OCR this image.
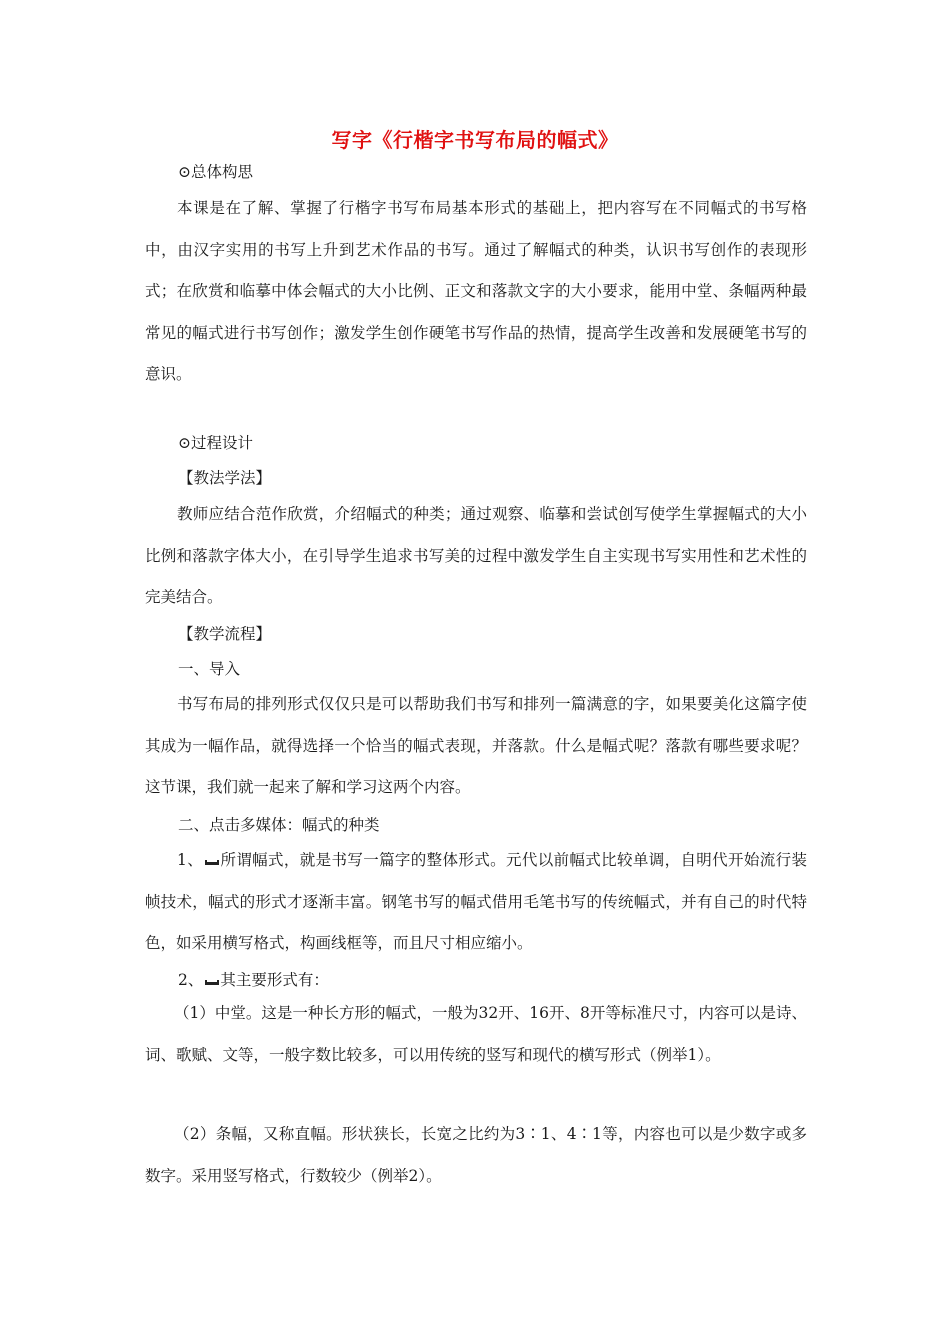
写字《行楷字书写布局的幅式》
⊙总体构思

本课是在了解、掌握了行楷字书写布局基本形式的基础上，把内容写在不同幅式的书写格中，由汉字实用的书写上升到艺术作品的书写。通过了解幅式的种类，认识书写创作的表现形式；在欣赏和临摹中体会幅式的大小比例、正文和落款文字的大小要求，能用中堂、条幅两种最常见的幅式进行书写创作；激发学生创作硬笔书写作品的热情，提高学生改善和发展硬笔书写的意识。

⊙过程设计
【教法学法】

教师应结合范作欣赏，介绍幅式的种类；通过观察、临摹和尝试创写使学生掌握幅式的大小比例和落款字体大小，在引导学生追求书写美的过程中激发学生自主实现书写实用性和艺术性的完美结合。

【教学流程】
一、导入

书写布局的排列形式仅仅只是可以帮助我们书写和排列一篇满意的字，如果要美化这篇字使其成为一幅作品，就得选择一个恰当的幅式表现，并落款。什么是幅式呢？落款有哪些要求呢？这节课，我们就一起来了解和学习这两个内容。

二、点击多媒体：幅式的种类

1、 所谓幅式，就是书写一篇字的整体形式。元代以前幅式比较单调，自明代开始流行装帧技术，幅式的形式才逐渐丰富。钢笔书写的幅式借用毛笔书写的传统幅式，并有自己的时代特色，如采用横写格式，构画线框等，而且尺寸相应缩小。

2、 其主要形式有：

（1）中堂。这是一种长方形的幅式，一般为32开、16开、8开等标准尺寸，内容可以是诗、词、歌赋、文等，一般字数比较多，可以用传统的竖写和现代的横写形式（例举1）。

（2）条幅，又称直幅。形状狭长，长宽之比约为3∶1、4∶1等，内容也可以是少数字或多数字。采用竖写格式，行数较少（例举2）。
